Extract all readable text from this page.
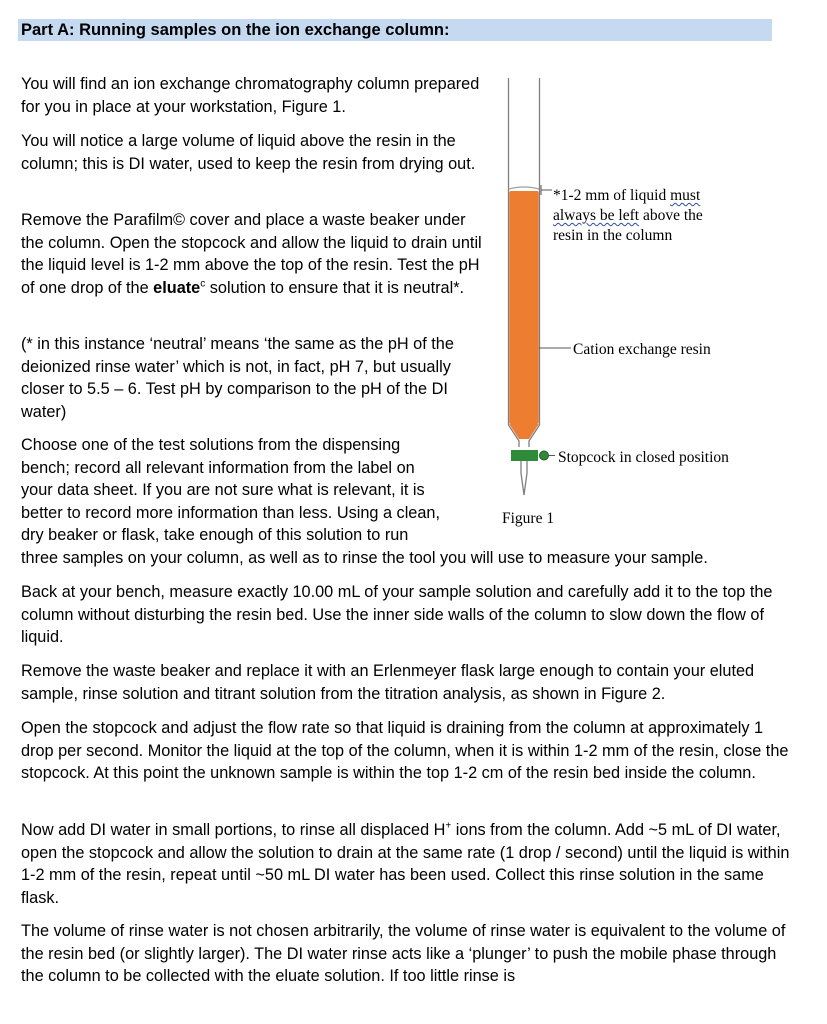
Part A: Running samples on the ion exchange column:

You will find an ion exchange chromatography column prepared for you in place at your workstation, Figure 1.

You will notice a large volume of liquid above the resin in the column; this is DI water, used to keep the resin from drying out.

Remove the Parafilm© cover and place a waste beaker under the column. Open the stopcock and allow the liquid to drain until the liquid level is 1-2 mm above the top of the resin. Test the pH of one drop of the eluate$^c$ solution to ensure that it is neutral*.

(* in this instance ‘neutral’ means ‘the same as the pH of the deionized rinse water’ which is not, in fact, pH 7, but usually closer to 5.5 – 6. Test pH by comparison to the pH of the DI water)

Choose one of the test solutions from the dispensing
bench; record all relevant information from the label on
your data sheet. If you are not sure what is relevant, it is
better to record more information than less. Using a clean,
dry beaker or flask, take enough of this solution to run
three samples on your column, as well as to rinse the tool you will use to measure your sample.

Back at your bench, measure exactly 10.00 mL of your sample solution and carefully add it to the top the column without disturbing the resin bed. Use the inner side walls of the column to slow down the flow of liquid.

Remove the waste beaker and replace it with an Erlenmeyer flask large enough to contain your eluted sample, rinse solution and titrant solution from the titration analysis, as shown in Figure 2.

Open the stopcock and adjust the flow rate so that liquid is draining from the column at approximately 1 drop per second. Monitor the liquid at the top of the column, when it is within 1-2 mm of the resin, close the stopcock. At this point the unknown sample is within the top 1-2 cm of the resin bed inside the column.

Now add DI water in small portions, to rinse all displaced H+ ions from the column. Add ~5 mL of DI water, open the stopcock and allow the solution to drain at the same rate (1 drop / second) until the liquid is within 1-2 mm of the resin, repeat until ~50 mL DI water has been used. Collect this rinse solution in the same flask.

The volume of rinse water is not chosen arbitrarily, the volume of rinse water is equivalent to the volume of the resin bed (or slightly larger). The DI water rinse acts like a ‘plunger’ to push the mobile phase through the column to be collected with the eluate solution. If too little rinse is

*1-2 mm of liquid must
always be left above the
resin in the column
Cation exchange resin
Stopcock in closed position
Figure 1
